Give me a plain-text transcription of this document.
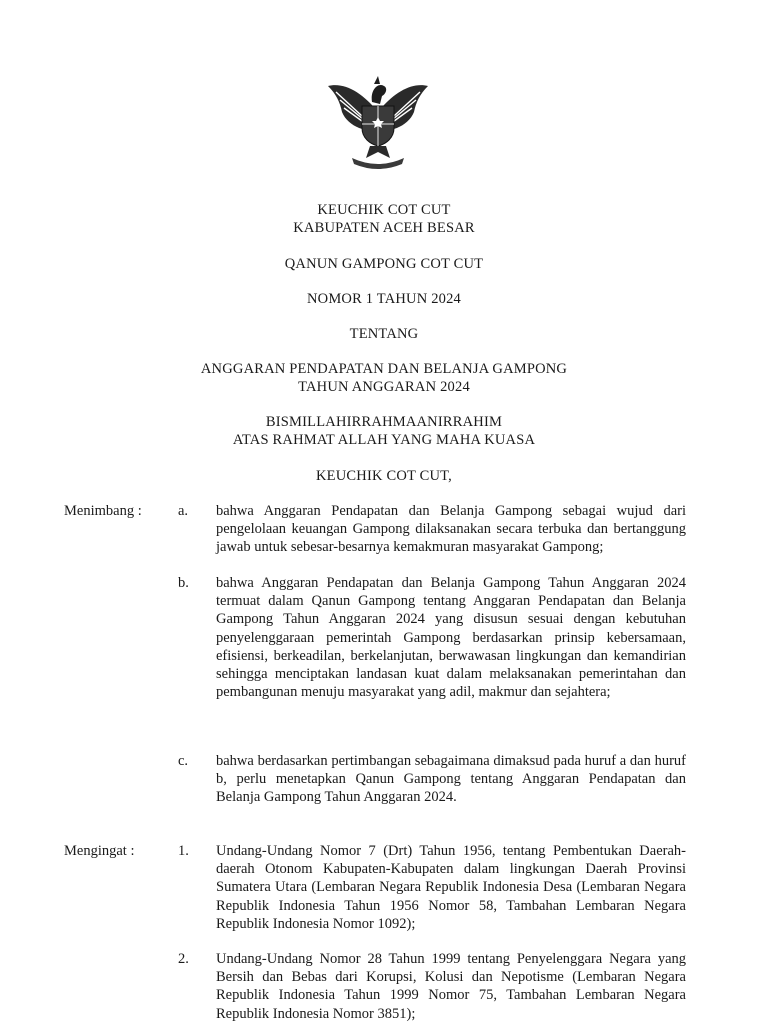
KEUCHIK COT CUT
KABUPATEN ACEH BESAR
QANUN GAMPONG COT CUT
NOMOR 1 TAHUN 2024
TENTANG
ANGGARAN PENDAPATAN DAN BELANJA GAMPONG
TAHUN ANGGARAN 2024
BISMILLAHIRRAHMAANIRRAHIM
ATAS RAHMAT ALLAH YANG MAHA KUASA
KEUCHIK COT CUT,
Menimbang :	a. bahwa Anggaran Pendapatan dan Belanja Gampong sebagai wujud dari pengelolaan keuangan Gampong dilaksanakan secara terbuka dan bertanggung jawab untuk sebesar-besarnya kemakmuran masyarakat Gampong;
b. bahwa Anggaran Pendapatan dan Belanja Gampong Tahun Anggaran 2024 termuat dalam Qanun Gampong tentang Anggaran Pendapatan dan Belanja Gampong Tahun Anggaran 2024 yang disusun sesuai dengan kebutuhan penyelenggaraan pemerintah Gampong berdasarkan prinsip kebersamaan, efisiensi, berkeadilan, berkelanjutan, berwawasan lingkungan dan kemandirian sehingga menciptakan landasan kuat dalam melaksanakan pemerintahan dan pembangunan menuju masyarakat yang adil, makmur dan sejahtera;
c. bahwa berdasarkan pertimbangan sebagaimana dimaksud pada huruf a dan huruf b, perlu menetapkan Qanun Gampong tentang Anggaran Pendapatan dan Belanja Gampong Tahun Anggaran 2024.
Mengingat :	1. Undang-Undang Nomor 7 (Drt) Tahun 1956, tentang Pembentukan Daerah-daerah Otonom Kabupaten-Kabupaten dalam lingkungan Daerah Provinsi Sumatera Utara (Lembaran Negara Republik Indonesia Desa (Lembaran Negara Republik Indonesia Tahun 1956 Nomor 58, Tambahan Lembaran Negara Republik Indonesia Nomor 1092);
2. Undang-Undang Nomor 28 Tahun 1999 tentang Penyelenggara Negara yang Bersih dan Bebas dari Korupsi, Kolusi dan Nepotisme (Lembaran Negara Republik Indonesia Tahun 1999 Nomor 75, Tambahan Lembaran Negara Republik Indonesia Nomor 3851);
